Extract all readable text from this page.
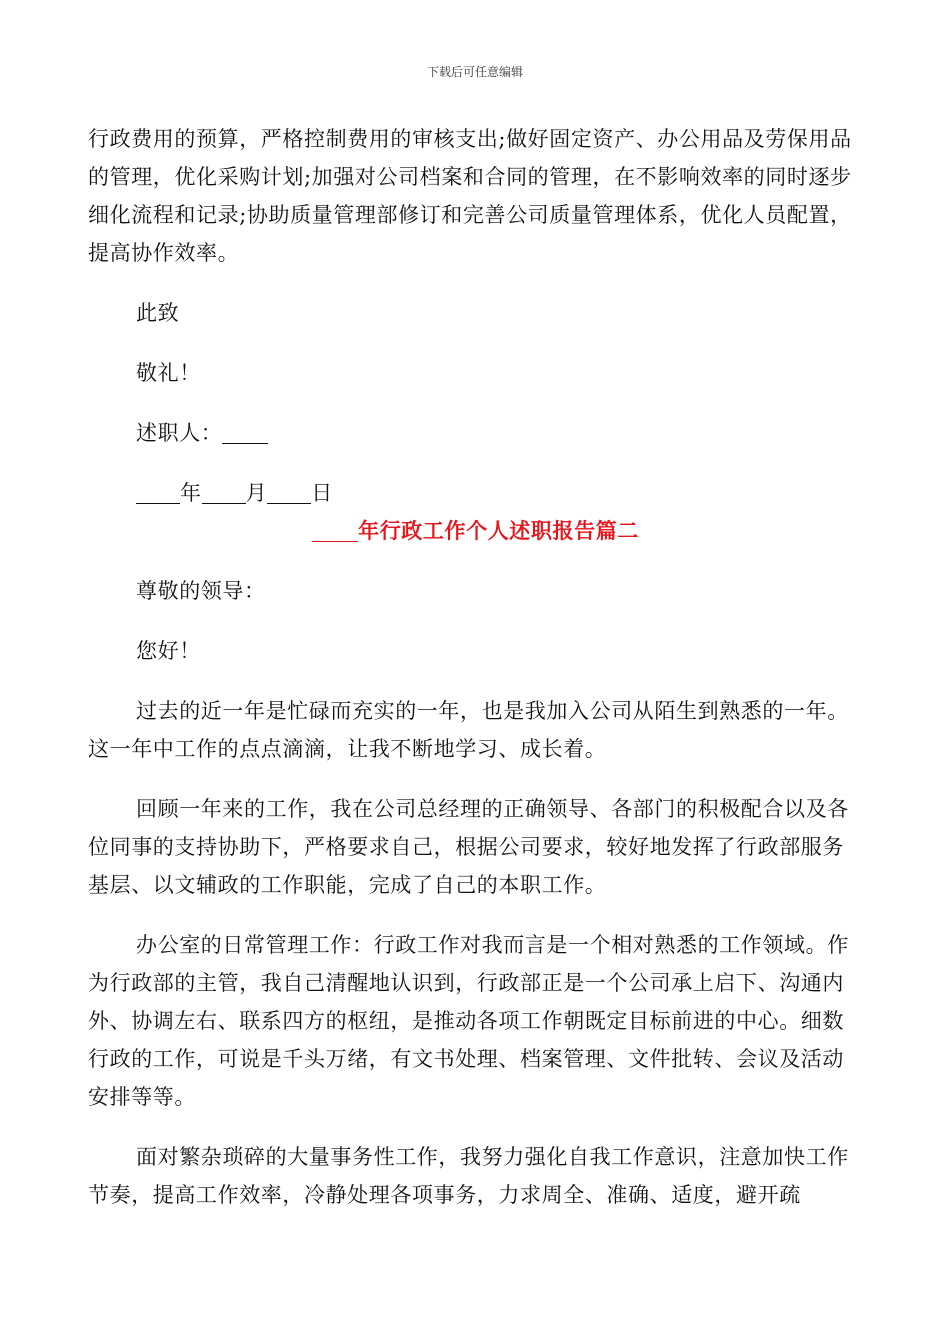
下载后可任意编辑

行政费用的预算，严格控制费用的审核支出;做好固定资产、办公用品及劳保用品的管理，优化采购计划;加强对公司档案和合同的管理，在不影响效率的同时逐步细化流程和记录;协助质量管理部修订和完善公司质量管理体系，优化人员配置，提高协作效率。

此致

敬礼！

述职人：

年 月 日

年行政工作个人述职报告篇二

尊敬的领导：

您好！

过去的近一年是忙碌而充实的一年，也是我加入公司从陌生到熟悉的一年。这一年中工作的点点滴滴，让我不断地学习、成长着。

回顾一年来的工作，我在公司总经理的正确领导、各部门的积极配合以及各位同事的支持协助下，严格要求自己，根据公司要求，较好地发挥了行政部服务基层、以文辅政的工作职能，完成了自己的本职工作。

办公室的日常管理工作：行政工作对我而言是一个相对熟悉的工作领域。作为行政部的主管，我自己清醒地认识到，行政部正是一个公司承上启下、沟通内外、协调左右、联系四方的枢纽，是推动各项工作朝既定目标前进的中心。细数行政的工作，可说是千头万绪，有文书处理、档案管理、文件批转、会议及活动安排等等。

面对繁杂琐碎的大量事务性工作，我努力强化自我工作意识，注意加快工作节奏，提高工作效率，冷静处理各项事务，力求周全、准确、适度，避开疏
